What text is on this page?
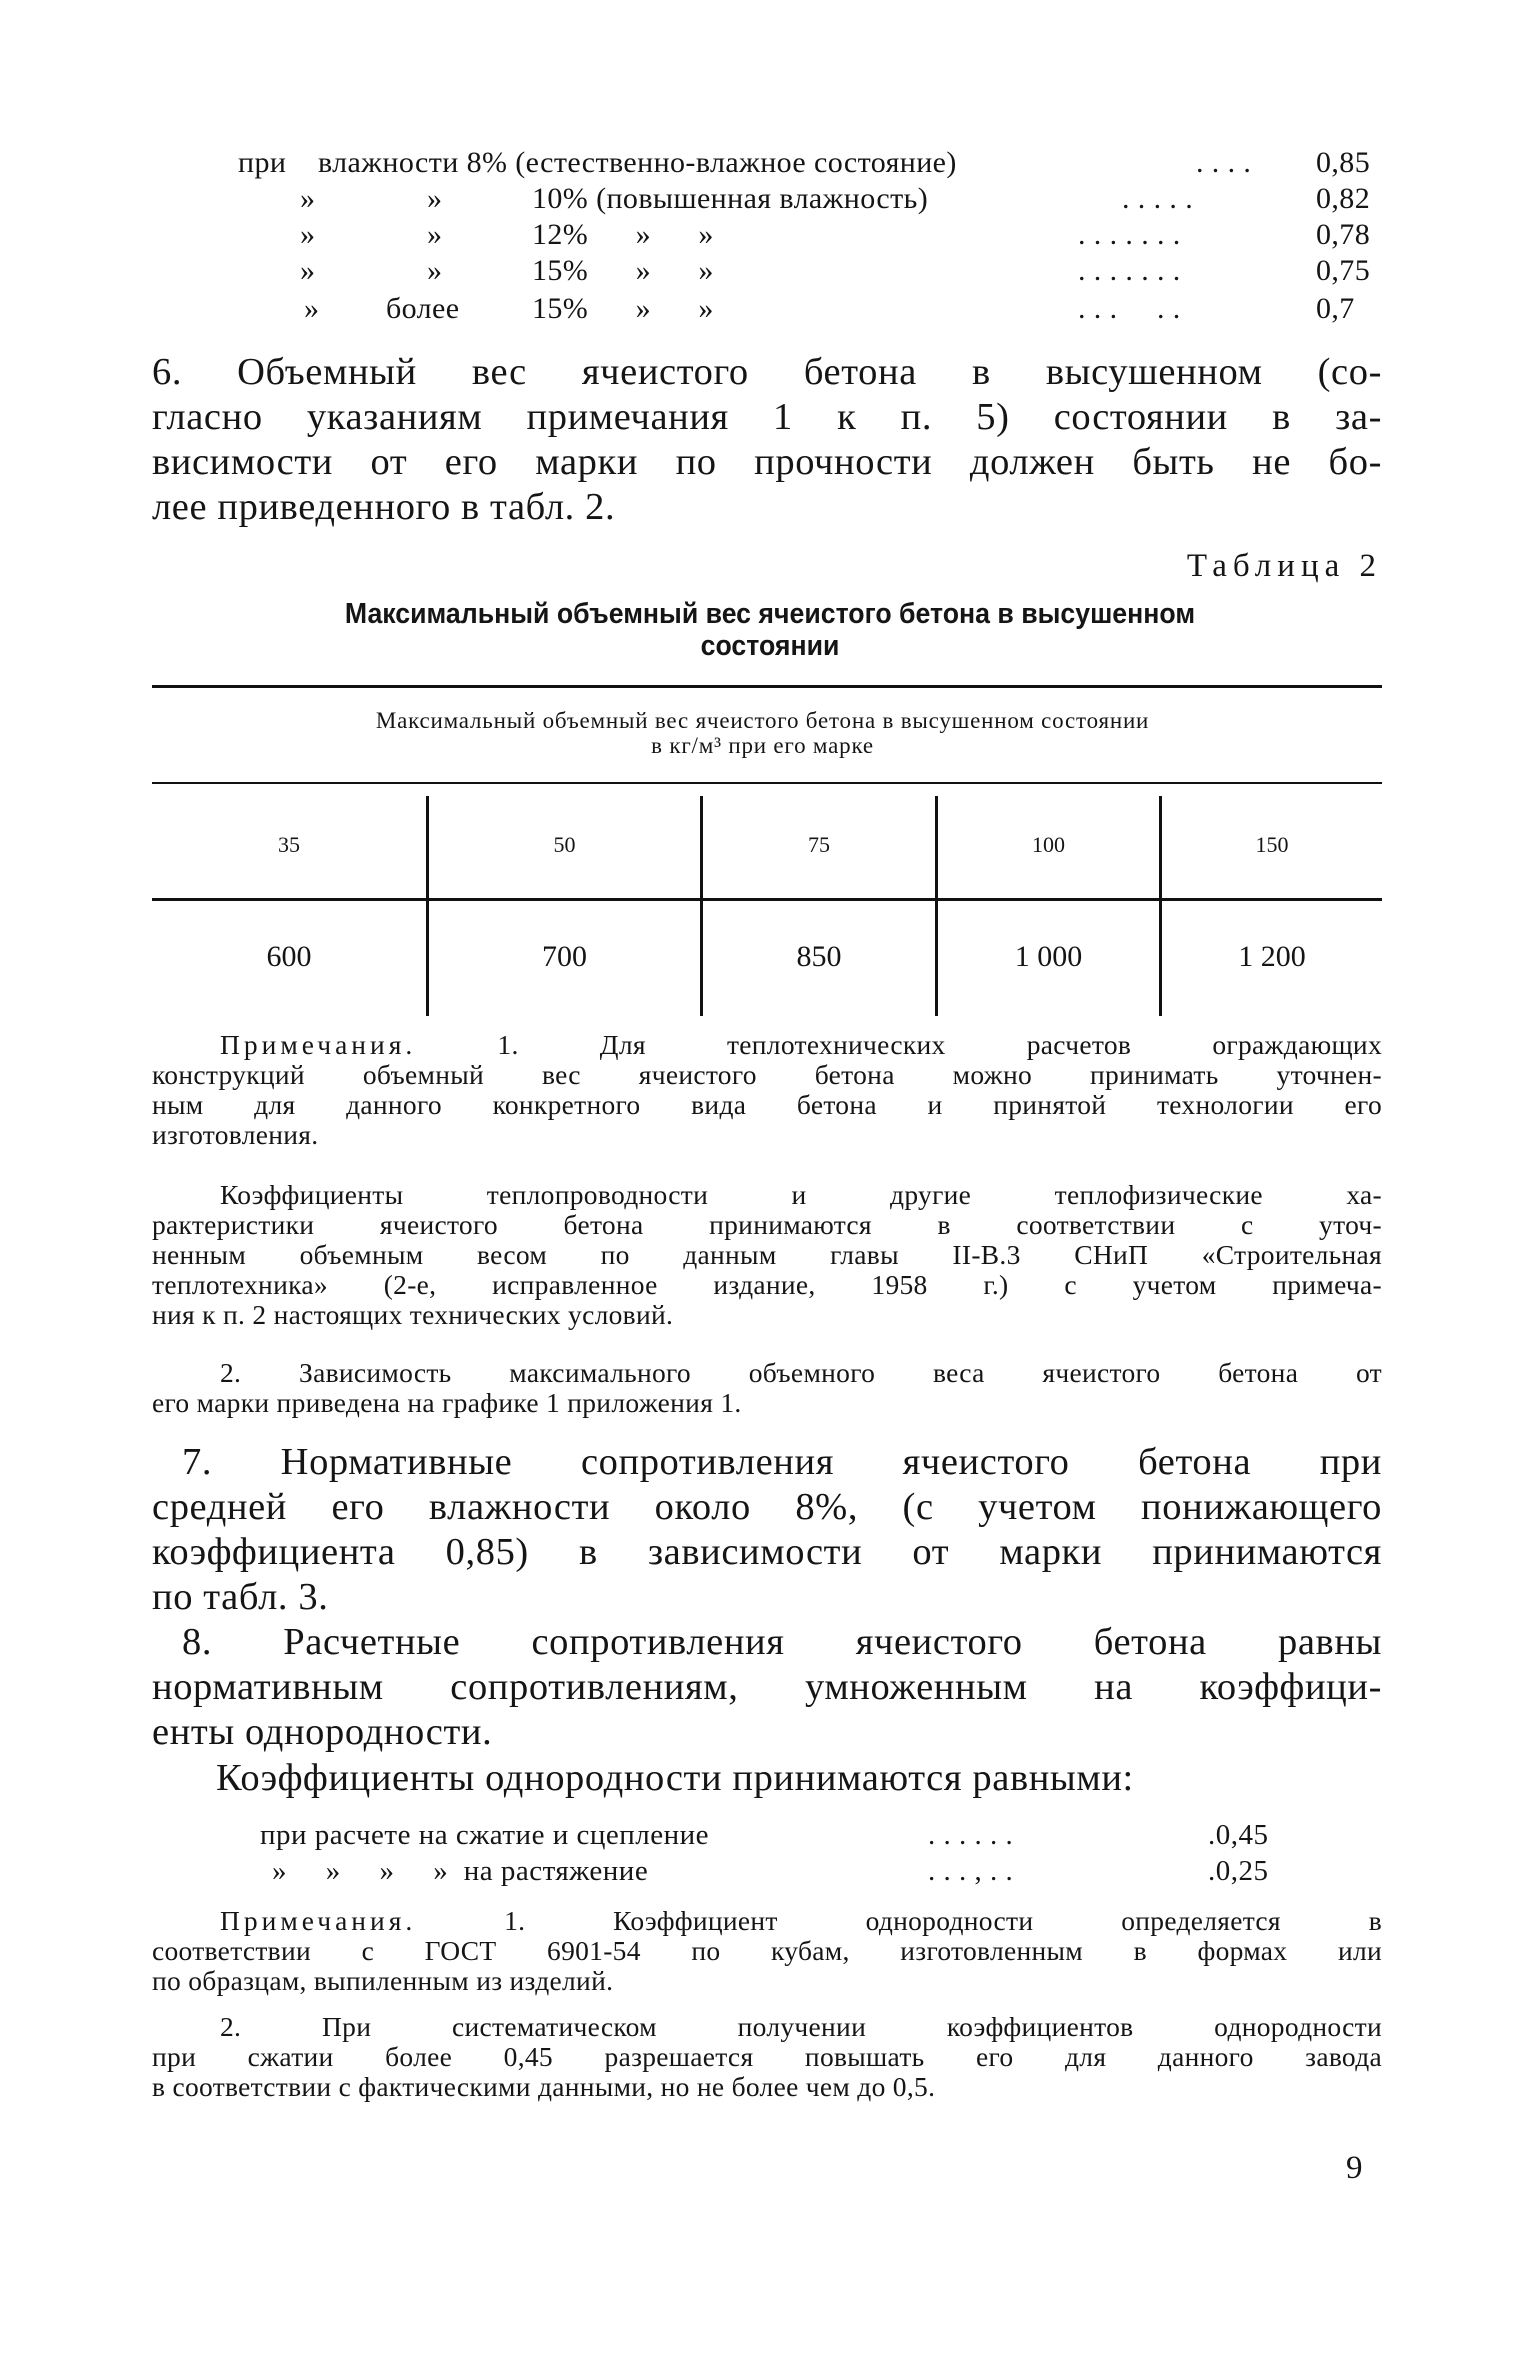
при влажности 8% (естественно-влажное состояние)	. . . . 0,85
»	»	10% (повышенная влажность)	. . . . .	0,82
»	»	12%      »      »	. . . . . . .	0,78
»	»	15%      »      »	. . . . . . .	0,75
» более 15%      »      »	. . .     . .	0,7
6. Объемный вес ячеистого бетона в высушенном (со-
гласно указаниям примечания 1 к п. 5) состоянии в за-
висимости от его марки по прочности должен быть не бо-
лее приведенного в табл. 2.
Таблица 2
Максимальный объемный вес ячеистого бетона в высушенном
состоянии
Максимальный объемный вес ячеистого бетона в высушенном состоянии
в кг/м³ при его марке
35	50	75	100	150
600	700	850	1 000	1 200
Примечания.	1. Для теплотехнических расчетов ограждающих
конструкций объемный вес ячеистого бетона можно принимать уточнен-
ным для данного конкретного вида бетона и принятой технологии его
изготовления.
Коэффициенты теплопроводности и другие теплофизические ха-
рактеристики ячеистого бетона принимаются в соответствии с уточ-
ненным объемным весом по данным главы II-В.3 СНиП «Строительная
теплотехника» (2-е, исправленное издание, 1958 г.) с учетом примеча-
ния к п. 2 настоящих технических условий.
2. Зависимость максимального объемного веса ячеистого бетона от
его марки приведена на графике 1 приложения 1.
7. Нормативные сопротивления ячеистого бетона при
средней его влажности около 8%, (с учетом понижающего
коэффициента 0,85) в зависимости от марки принимаются
по табл. 3.
8. Расчетные сопротивления ячеистого бетона равны
нормативным сопротивлениям, умноженным на коэффици-
енты однородности.
Коэффициенты однородности принимаются равными:
при расчете на сжатие и сцепление	. . . . . .	.0,45
»     »     »     »  на растяжение	. . . , . .	.0,25
Примечания.	1. Коэффициент однородности определяется в
соответствии с ГОСТ 6901-54 по кубам, изготовленным в формах или
по образцам, выпиленным из изделий.
2. При систематическом получении коэффициентов однородности
при сжатии более 0,45 разрешается повышать его для данного завода
в соответствии с фактическими данными, но не более чем до 0,5.
9
